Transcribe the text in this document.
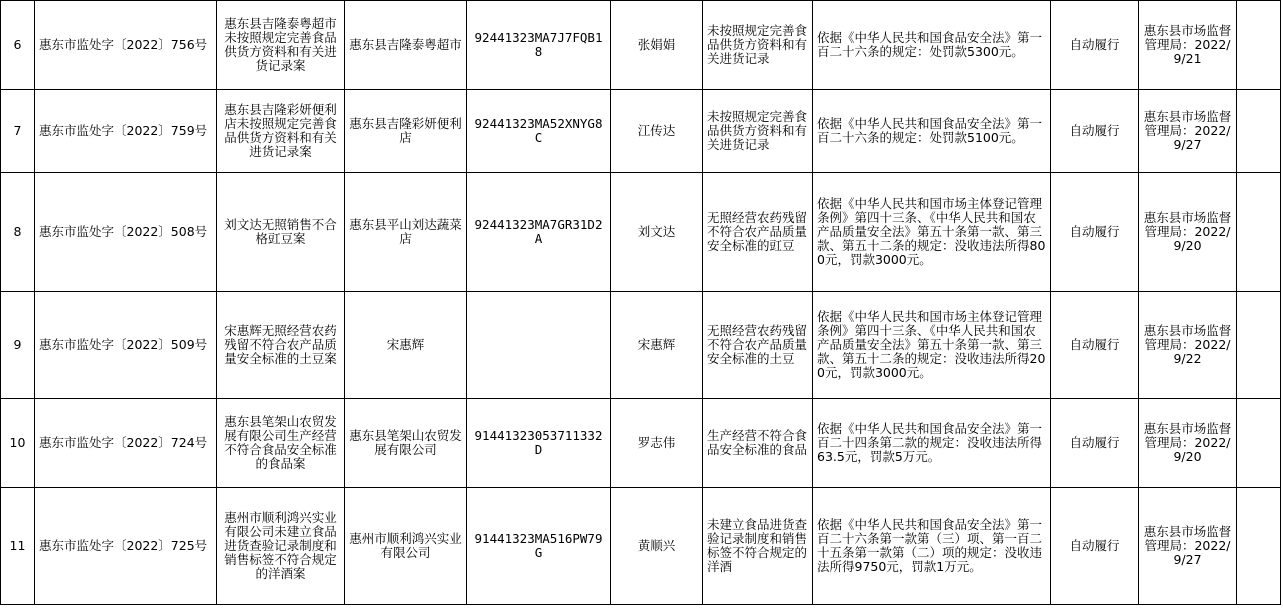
6	惠东市监处字〔2022〕756号	惠东县吉隆泰粤超市未按照规定完善食品供货方资料和有关进货记录案	惠东县吉隆泰粤超市	92441323MA7J7FQB18	张娟娟	未按照规定完善食品供货方资料和有关进货记录	依据《中华人民共和国食品安全法》第一百二十六条的规定：处罚款5300元。	自动履行	惠东县市场监督管理局：2022/9/21	
7	惠东市监处字〔2022〕759号	惠东县吉隆彩妍便利店未按照规定完善食品供货方资料和有关进货记录案	惠东县吉隆彩妍便利店	92441323MA52XNYG8C	江传达	未按照规定完善食品供货方资料和有关进货记录	依据《中华人民共和国食品安全法》第一百二十六条的规定：处罚款5100元。	自动履行	惠东县市场监督管理局：2022/9/27	
8	惠东市监处字〔2022〕508号	刘文达无照销售不合格豇豆案	惠东县平山刘达蔬菜店	92441323MA7GR31D2A	刘文达	无照经营农药残留不符合农产品质量安全标准的豇豆	依据《中华人民共和国市场主体登记管理条例》第四十三条、《中华人民共和国农产品质量安全法》第五十条第一款、第三款、第五十二条的规定：没收违法所得800元，罚款3000元。	自动履行	惠东县市场监督管理局：2022/9/20	
9	惠东市监处字〔2022〕509号	宋惠辉无照经营农药残留不符合农产品质量安全标准的土豆案	宋惠辉		宋惠辉	无照经营农药残留不符合农产品质量安全标准的土豆	依据《中华人民共和国市场主体登记管理条例》第四十三条、《中华人民共和国农产品质量安全法》第五十条第一款、第三款、第五十二条的规定：没收违法所得200元，罚款3000元。	自动履行	惠东县市场监督管理局：2022/9/22	
10	惠东市监处字〔2022〕724号	惠东县笔架山农贸发展有限公司生产经营不符合食品安全标准的食品案	惠东县笔架山农贸发展有限公司	91441323053711332D	罗志伟	生产经营不符合食品安全标准的食品	依据《中华人民共和国食品安全法》第一百二十四条第二款的规定：没收违法所得63.5元，罚款5万元。	自动履行	惠东县市场监督管理局：2022/9/20	
11	惠东市监处字〔2022〕725号	惠州市顺利鸿兴实业有限公司未建立食品进货查验记录制度和销售标签不符合规定的洋酒案	惠州市顺利鸿兴实业有限公司	91441323MA516PW79G	黄顺兴	未建立食品进货查验记录制度和销售标签不符合规定的洋酒	依据《中华人民共和国食品安全法》第一百二十六条第一款第（三）项、第一百二十五条第一款第（二）项的规定：没收违法所得9750元，罚款1万元。	自动履行	惠东县市场监督管理局：2022/9/27	
